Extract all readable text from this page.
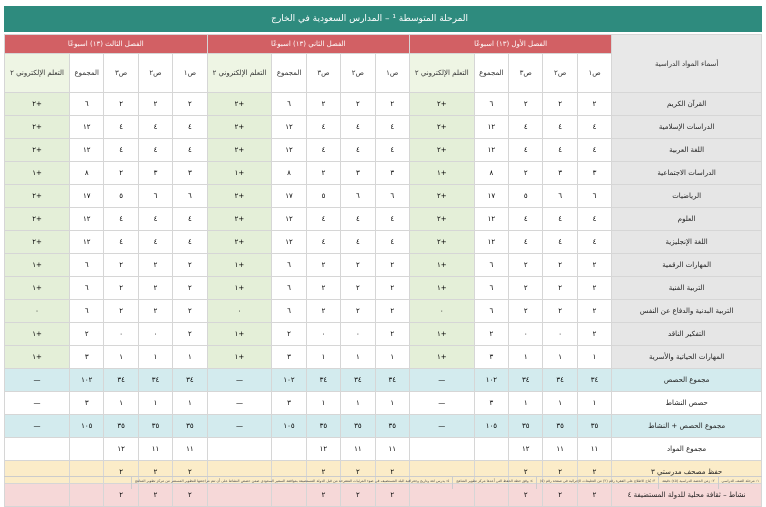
المرحلة المتوسطة ¹ – المدارس السعودية في الخارج
أسماء المواد الدراسية	الفصل الأول (١٣) اسبوعًا					الفصل الثاني (١٣) اسبوعًا					الفصل الثالث (١٣) اسبوعًا				
	ص١	ص٢	ص٣	المجموع	التعلم الإلكتروني ٢	ص١	ص٢	ص٣	المجموع	التعلم الإلكتروني ٢	ص١	ص٢	ص٣	المجموع	التعلم الإلكتروني ٢
القرآن الكريم	٢	٢	٢	٦	+٢	٢	٢	٢	٦	+٢	٢	٢	٢	٦	+٢
الدراسات الإسلامية	٤	٤	٤	١٢	+٢	٤	٤	٤	١٢	+٢	٤	٤	٤	١٢	+٢
اللغة العربية	٤	٤	٤	١٢	+٢	٤	٤	٤	١٢	+٢	٤	٤	٤	١٢	+٢
الدراسات الاجتماعية	٣	٣	٢	٨	+١	٣	٣	٢	٨	+١	٣	٣	٢	٨	+١
الرياضيات	٦	٦	٥	١٧	+٢	٦	٦	٥	١٧	+٢	٦	٦	٥	١٧	+٢
العلوم	٤	٤	٤	١٢	+٢	٤	٤	٤	١٢	+٢	٤	٤	٤	١٢	+٢
اللغة الإنجليزية	٤	٤	٤	١٢	+٢	٤	٤	٤	١٢	+٢	٤	٤	٤	١٢	+٢
المهارات الرقمية	٢	٢	٢	٦	+١	٢	٢	٢	٦	+١	٢	٢	٢	٦	+١
التربية الفنية	٢	٢	٢	٦	+١	٢	٢	٢	٦	+١	٢	٢	٢	٦	+١
التربية البدنية والدفاع عن النفس	٢	٢	٢	٦	٠	٢	٢	٢	٦	٠	٢	٢	٢	٦	٠
التفكير الناقد	٢	٠	٠	٢	+١	٢	٠	٠	٢	+١	٢	٠	٠	٢	+١
المهارات الحياتية والأسرية	١	١	١	٣	+١	١	١	١	٣	+١	١	١	١	٣	+١
مجموع الحصص	٣٤	٣٤	٣٤	١٠٢	—	٣٤	٣٤	٣٤	١٠٢	—	٣٤	٣٤	٣٤	١٠٢	—
حصص النشاط	١	١	١	٣	—	١	١	١	٣	—	١	١	١	٣	—
مجموع الحصص + النشاط	٣٥	٣٥	٣٥	١٠٥	—	٣٥	٣٥	٣٥	١٠٥	—	٣٥	٣٥	٣٥	١٠٥	—
مجموع المواد	١١	١١	١٢			١١	١١	١٢			١١	١١	١٢		
حفظ مصحف مدرستي ٣	٢	٢	٢			٢	٢	٢			٢	٢	٢		
نشاط – ثقافة محلية للدولة المستضيفة ٤	٢	٢	٢			٢	٢	٢			٢	٢	٢		
١: مرحلة الصف الدراسي
٢: زمن الحصة الدراسية (٤٥) دقيقة
٣: يُتاح الاطلاع على الفقرة رقم (٢) من التعليمات الإجرائية في صفحة رقم (٥)
٤: وفق خطة الحفظ التي أعدها مركز تطوير المناهج
٥: يدرس لغة وتاريخ وجغرافية البلد المستضيف في ضوء المرئيات المقترحة من قبل الدولة المستضيفة بموافقة السفير السعودي ضمن حصص النشاط على أن تتم مراجعتها للتطوير المستمر من مركز تطوير المناهج
